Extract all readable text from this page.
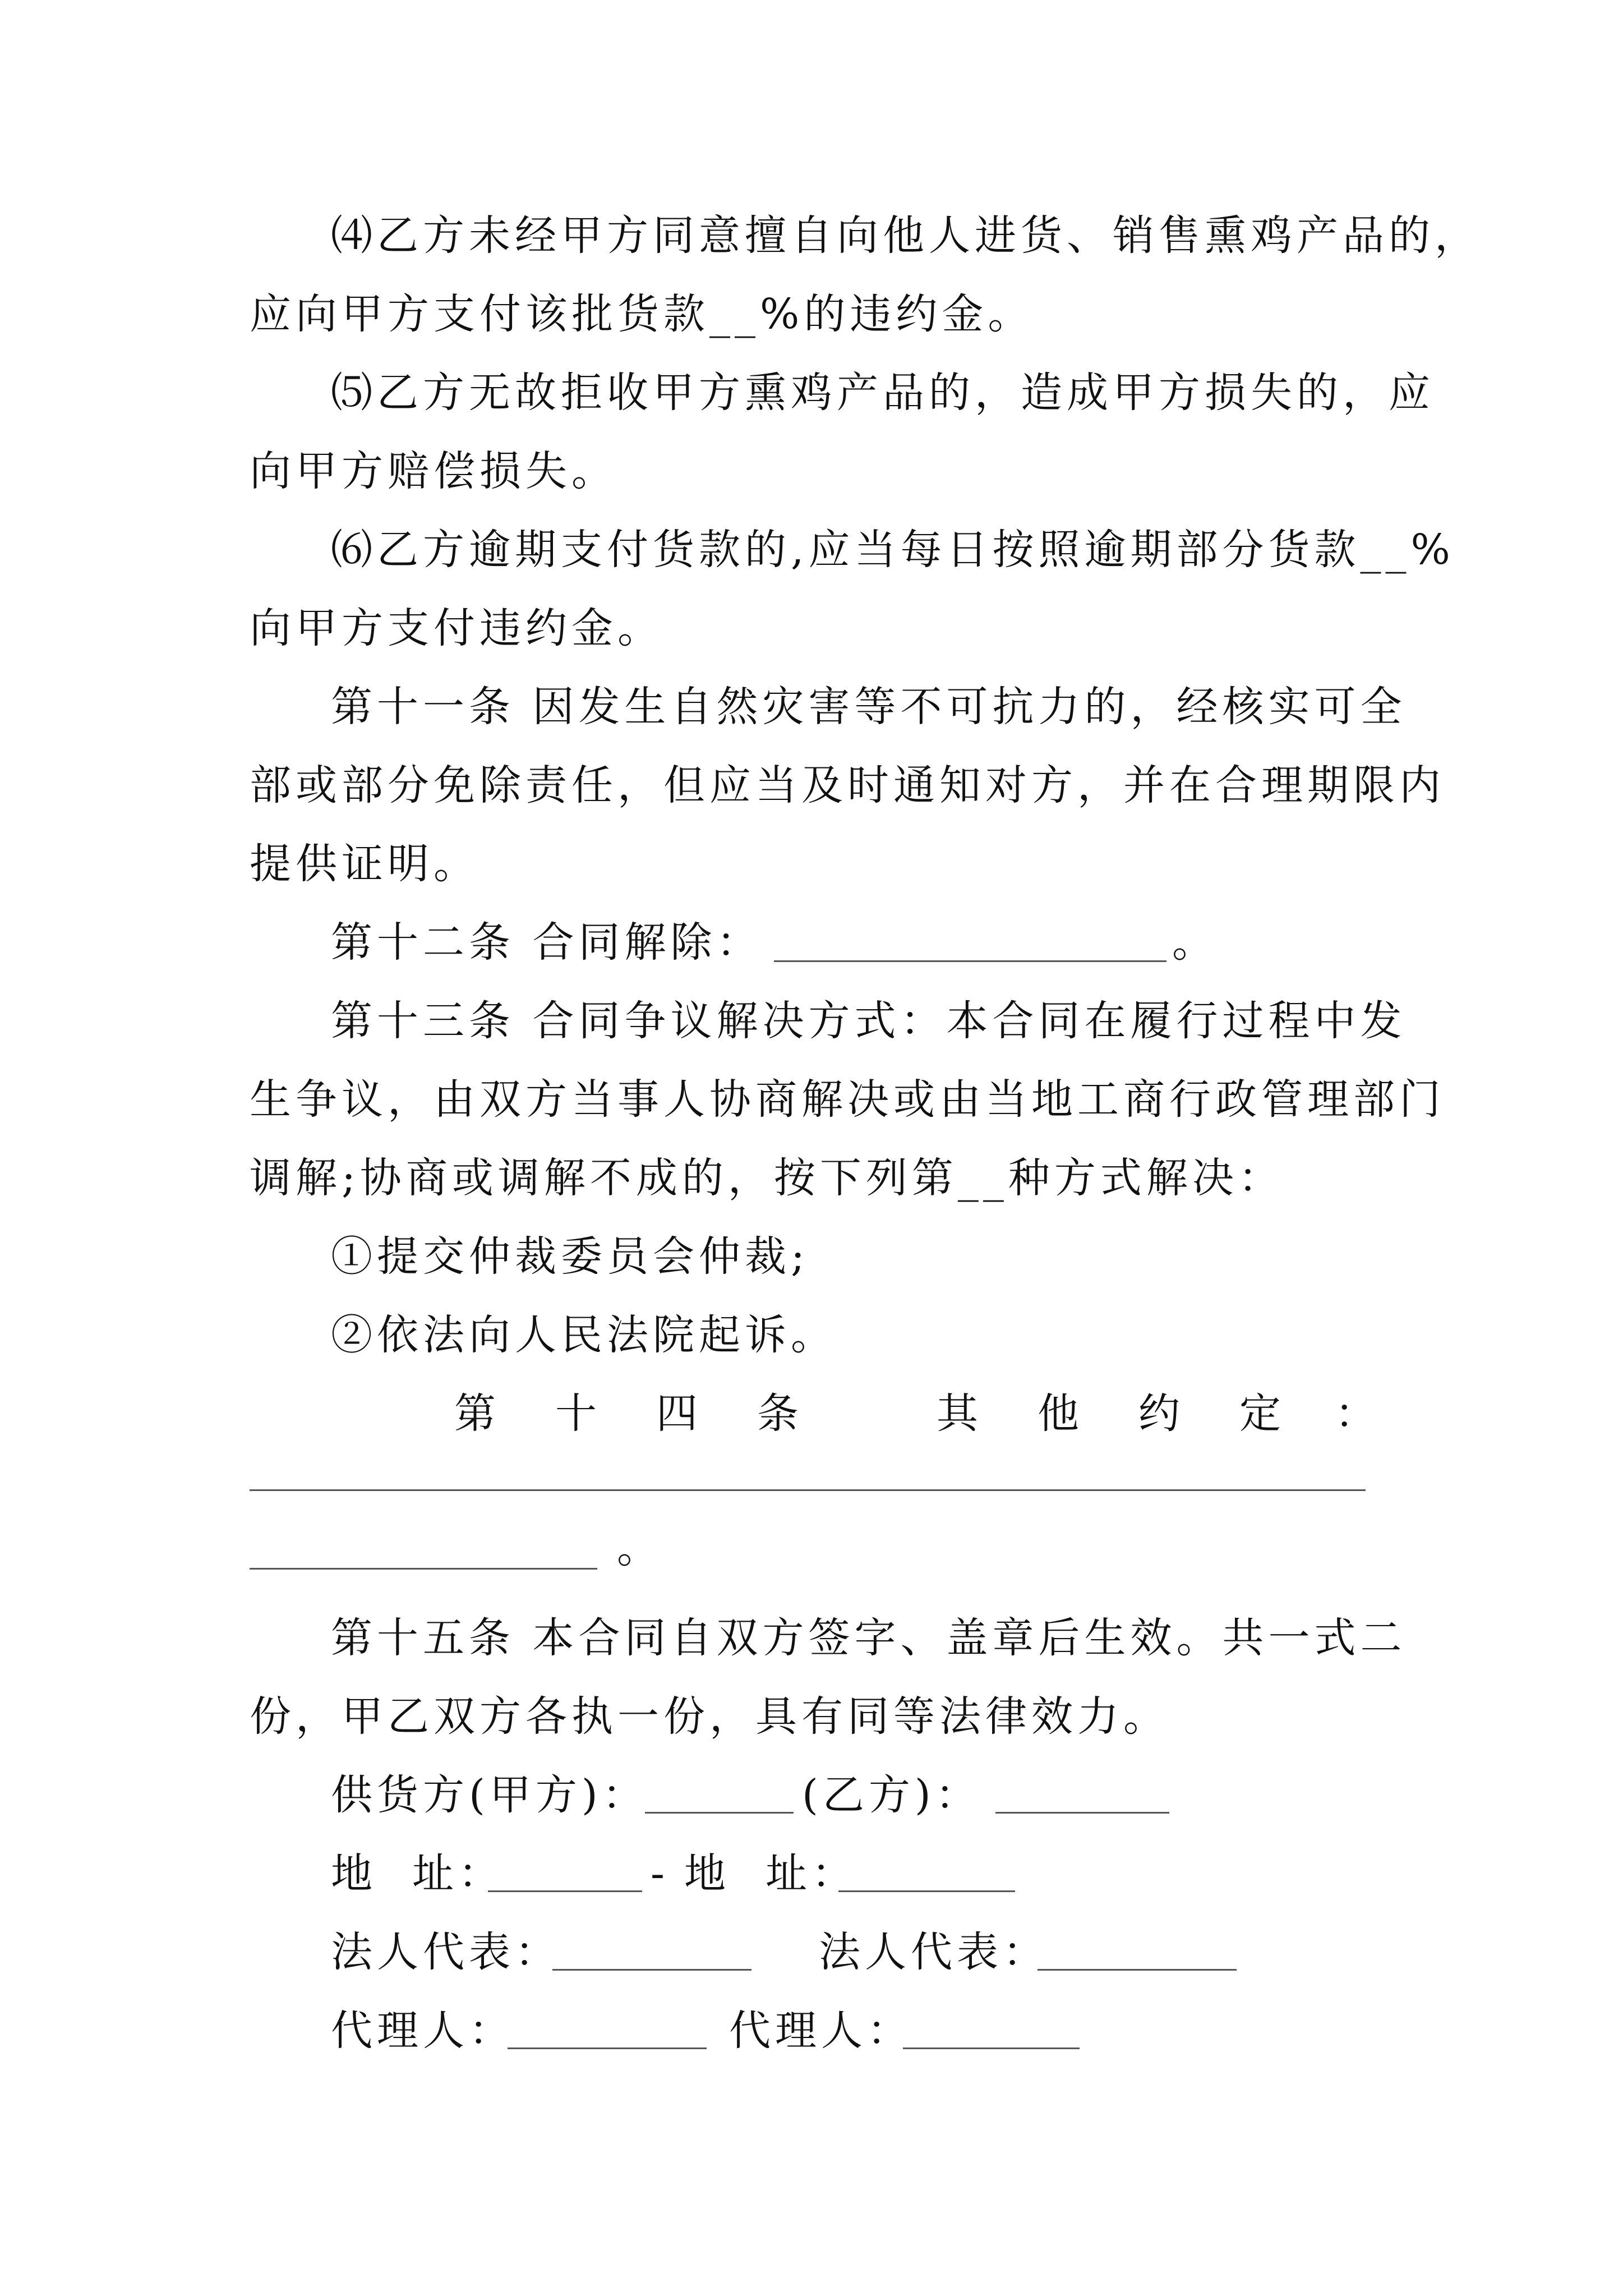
⑷乙方未经甲方同意擅自向他人进货、销售熏鸡产品的，
应向甲方支付该批货款__%的违约金。
⑸乙方无故拒收甲方熏鸡产品的，造成甲方损失的，应
向甲方赔偿损失。
⑹乙方逾期支付货款的,应当每日按照逾期部分货款__%
向甲方支付违约金。
第十一条 因发生自然灾害等不可抗力的，经核实可全
部或部分免除责任，但应当及时通知对方，并在合理期限内
提供证明。
第十二条 合同解除：	。
第十三条 合同争议解决方式：本合同在履行过程中发
生争议，由双方当事人协商解决或由当地工商行政管理部门
调解;协商或调解不成的，按下列第__种方式解决：
①提交仲裁委员会仲裁;
②依法向人民法院起诉。
第 十 四 条	其 他 约 定 ：
。
第十五条 本合同自双方签字、盖章后生效。共一式二
份，甲乙双方各执一份，具有同等法律效力。
供货方(甲方)：	(乙方)：
地  址：	- 地  址：
法人代表：	法人代表：
代理人：	代理人：
